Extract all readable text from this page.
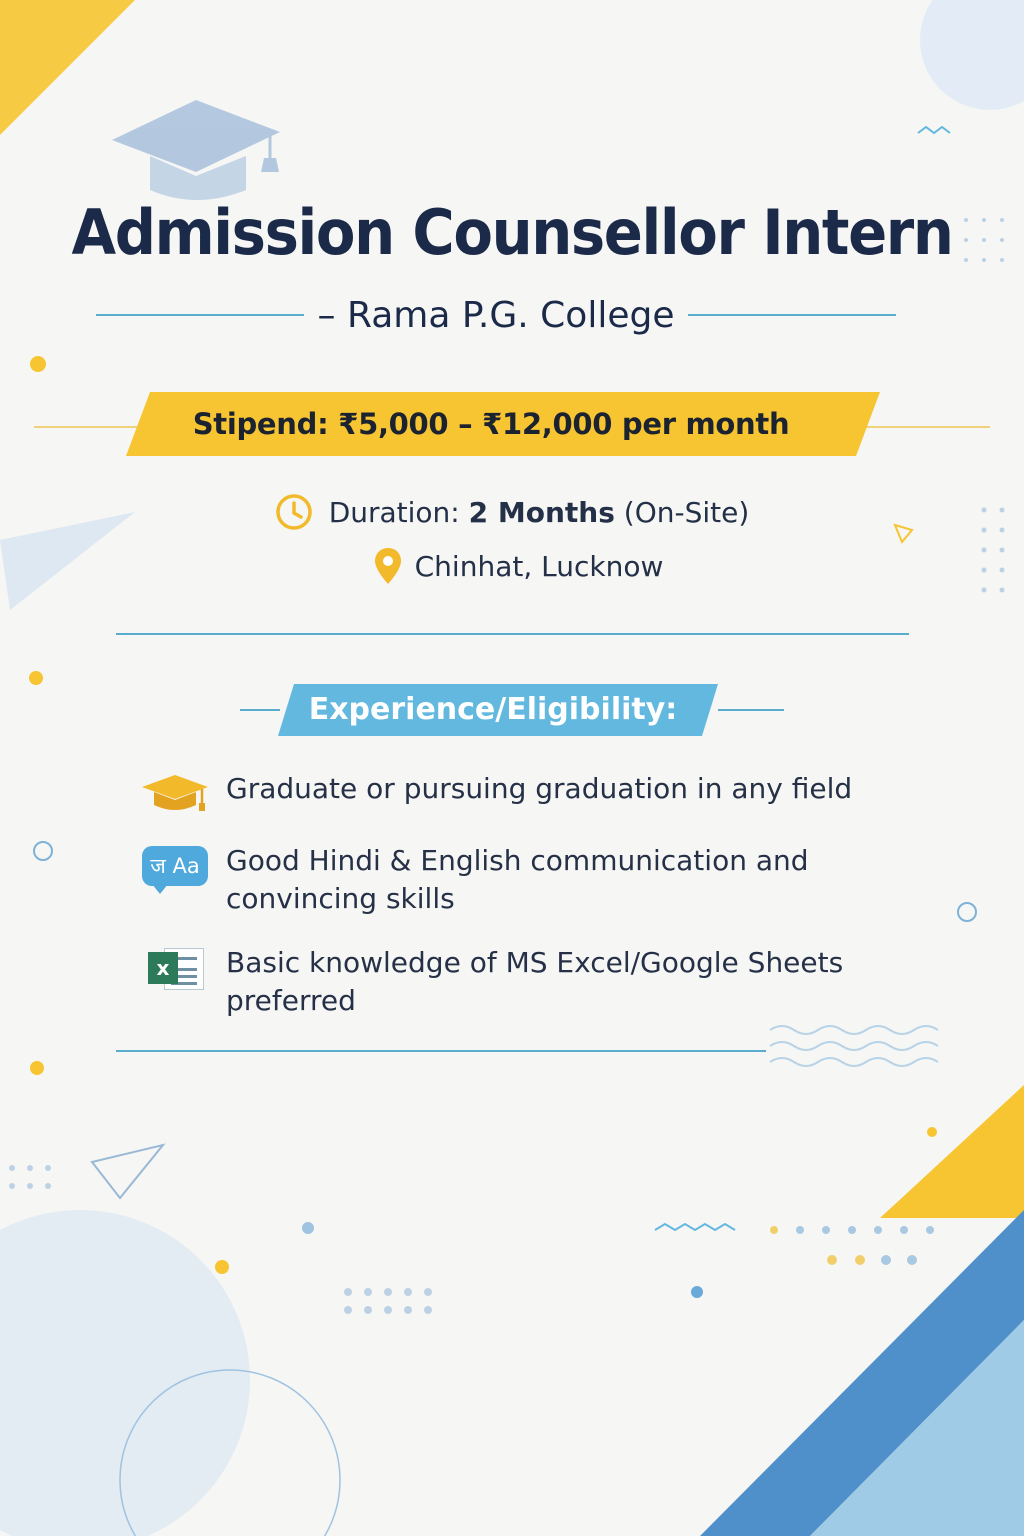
Admission Counsellor Intern
– Rama P.G. College
Stipend: ₹5,000 – ₹12,000 per month
Duration: 2 Months (On-Site)
Chinhat, Lucknow
Experience/Eligibility:
Graduate or pursuing graduation in any field
ज Aa Good Hindi & English communication and convincing skills
x	Basic knowledge of MS Excel/Google Sheets preferred
